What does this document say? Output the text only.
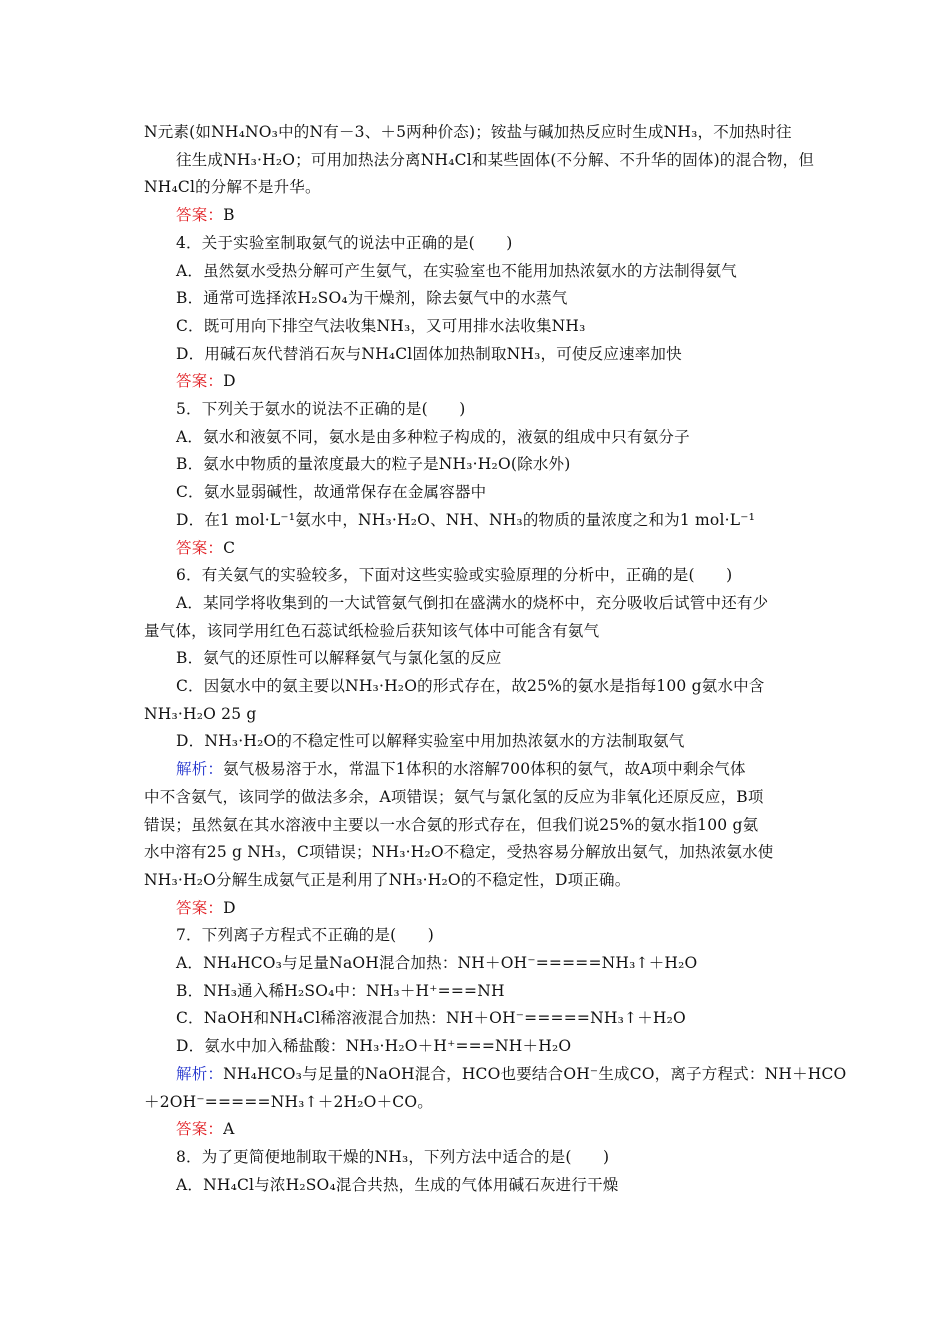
N元素(如NH₄NO₃中的N有－3、＋5两种价态)；铵盐与碱加热反应时生成NH₃，不加热时往
往生成NH₃·H₂O；可用加热法分离NH₄Cl和某些固体(不分解、不升华的固体)的混合物，但
NH₄Cl的分解不是升华。
答案：B
4．关于实验室制取氨气的说法中正确的是(　　)
A．虽然氨水受热分解可产生氨气，在实验室也不能用加热浓氨水的方法制得氨气
B．通常可选择浓H₂SO₄为干燥剂，除去氨气中的水蒸气
C．既可用向下排空气法收集NH₃，又可用排水法收集NH₃
D．用碱石灰代替消石灰与NH₄Cl固体加热制取NH₃，可使反应速率加快
答案：D
5．下列关于氨水的说法不正确的是(　　)
A．氨水和液氨不同，氨水是由多种粒子构成的，液氨的组成中只有氨分子
B．氨水中物质的量浓度最大的粒子是NH₃·H₂O(除水外)
C．氨水显弱碱性，故通常保存在金属容器中
D．在1 mol·L⁻¹氨水中，NH₃·H₂O、NH、NH₃的物质的量浓度之和为1 mol·L⁻¹
答案：C
6．有关氨气的实验较多，下面对这些实验或实验原理的分析中，正确的是(　　)
A．某同学将收集到的一大试管氨气倒扣在盛满水的烧杯中，充分吸收后试管中还有少
量气体，该同学用红色石蕊试纸检验后获知该气体中可能含有氨气
B．氨气的还原性可以解释氨气与氯化氢的反应
C．因氨水中的氨主要以NH₃·H₂O的形式存在，故25%的氨水是指每100 g氨水中含
NH₃·H₂O 25 g
D．NH₃·H₂O的不稳定性可以解释实验室中用加热浓氨水的方法制取氨气
解析：氨气极易溶于水，常温下1体积的水溶解700体积的氨气，故A项中剩余气体
中不含氨气，该同学的做法多余，A项错误；氨气与氯化氢的反应为非氧化还原反应，B项
错误；虽然氨在其水溶液中主要以一水合氨的形式存在，但我们说25%的氨水指100 g氨
水中溶有25 g NH₃，C项错误；NH₃·H₂O不稳定，受热容易分解放出氨气，加热浓氨水使
NH₃·H₂O分解生成氨气正是利用了NH₃·H₂O的不稳定性，D项正确。
答案：D
7．下列离子方程式不正确的是(　　)
A．NH₄HCO₃与足量NaOH混合加热：NH＋OH⁻=====NH₃↑＋H₂O
B．NH₃通入稀H₂SO₄中：NH₃＋H⁺===NH
C．NaOH和NH₄Cl稀溶液混合加热：NH＋OH⁻=====NH₃↑＋H₂O
D．氨水中加入稀盐酸：NH₃·H₂O＋H⁺===NH＋H₂O
解析：NH₄HCO₃与足量的NaOH混合，HCO也要结合OH⁻生成CO，离子方程式：NH＋HCO
＋2OH⁻=====NH₃↑＋2H₂O＋CO。
答案：A
8．为了更简便地制取干燥的NH₃，下列方法中适合的是(　　)
A．NH₄Cl与浓H₂SO₄混合共热，生成的气体用碱石灰进行干燥
